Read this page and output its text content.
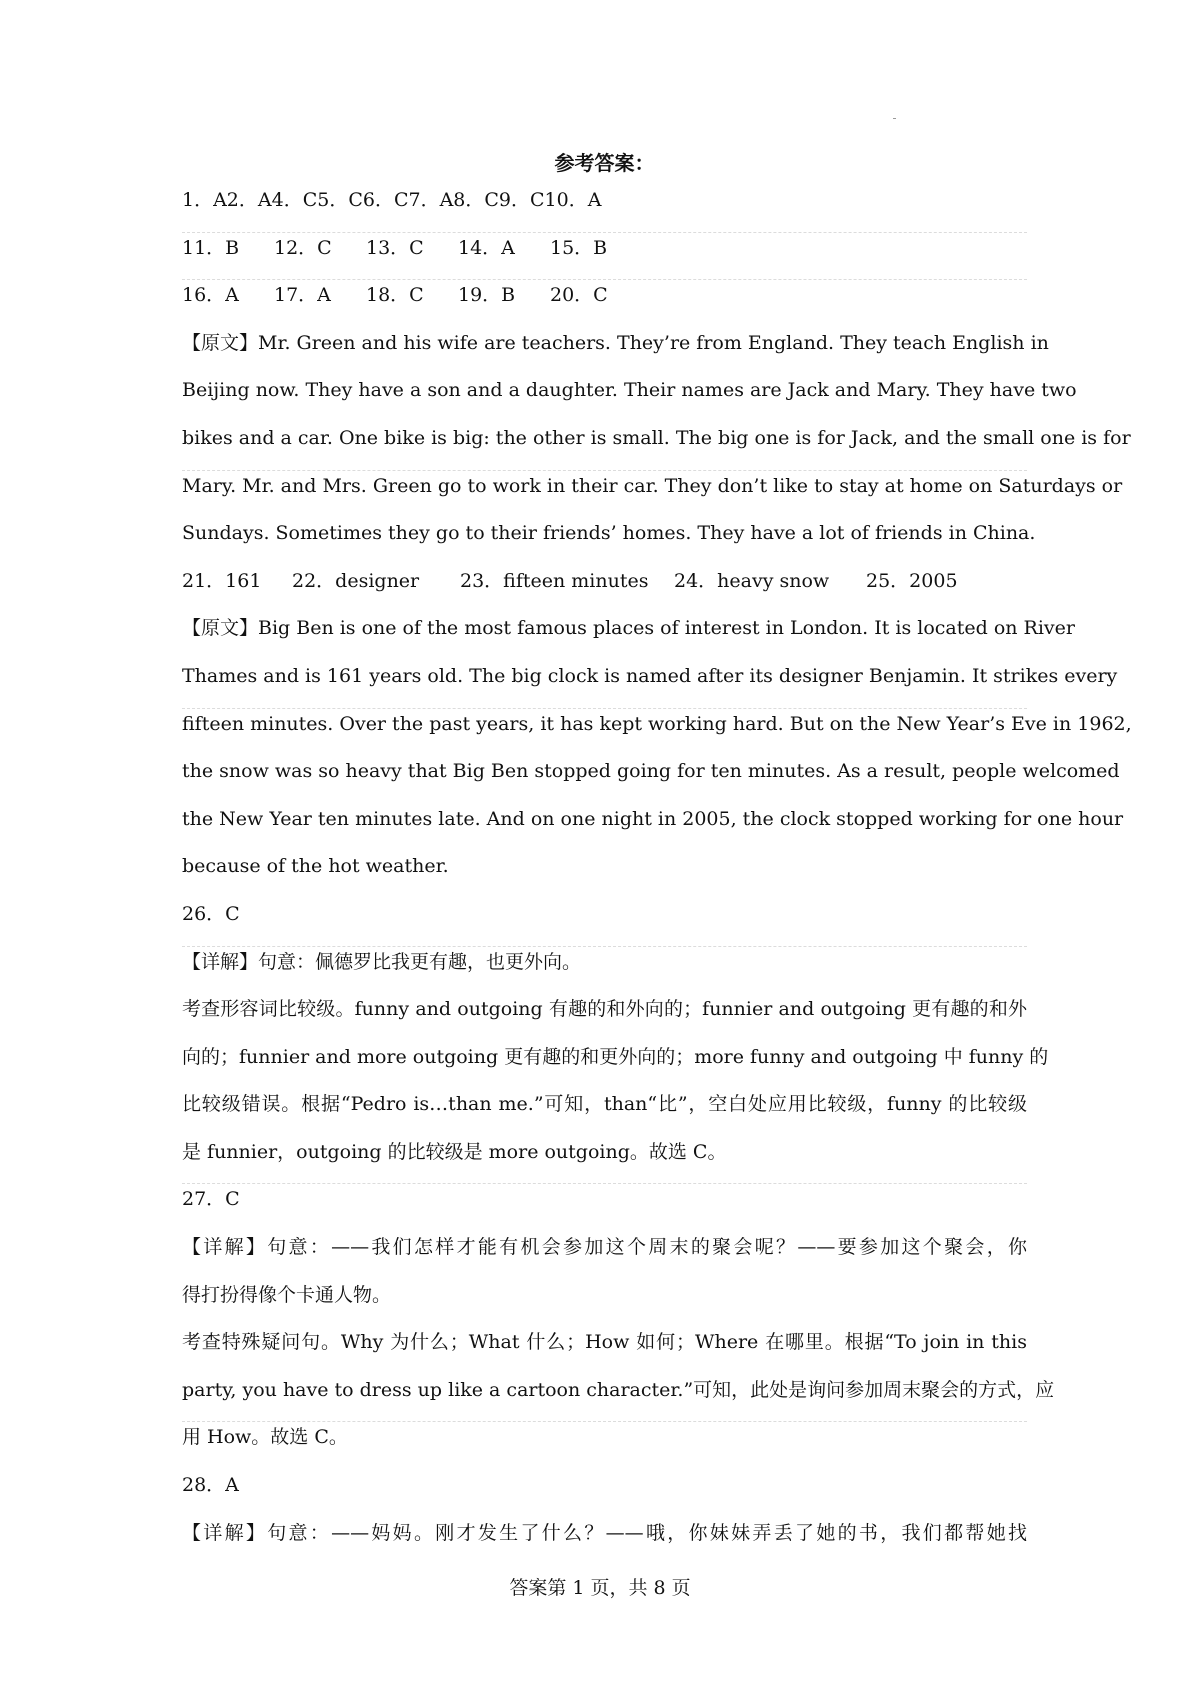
参考答案：
1．A2．A4．C5．C6．C7．A8．C9．C10．A
11．B	12．C	13．C	14．A	15．B
16．A	17．A	18．C	19．B	20．C
【原文】Mr. Green and his wife are teachers. They’re from England. They teach English in
Beijing now. They have a son and a daughter. Their names are Jack and Mary. They have two
bikes and a car. One bike is big: the other is small. The big one is for Jack, and the small one is for
Mary. Mr. and Mrs. Green go to work in their car. They don’t like to stay at home on Saturdays or
Sundays. Sometimes they go to their friends’ homes. They have a lot of friends in China.
21．161	22．designer	23．fifteen minutes	24．heavy snow	25．2005
【原文】Big Ben is one of the most famous places of interest in London. It is located on River
Thames and is 161 years old. The big clock is named after its designer Benjamin. It strikes every
fifteen minutes. Over the past years, it has kept working hard. But on the New Year’s Eve in 1962,
the snow was so heavy that Big Ben stopped going for ten minutes. As a result, people welcomed
the New Year ten minutes late. And on one night in 2005, the clock stopped working for one hour
because of the hot weather.
26．C
【详解】句意：佩德罗比我更有趣，也更外向。
考查形容词比较级。funny and outgoing 有趣的和外向的；funnier and outgoing 更有趣的和外
向的；funnier and more outgoing 更有趣的和更外向的；more funny and outgoing 中 funny 的
比较级错误。根据“Pedro is…than me.”可知，than“比”，空白处应用比较级，funny 的比较级
是 funnier，outgoing 的比较级是 more outgoing。故选 C。
27．C
【详解】句意：——我们怎样才能有机会参加这个周末的聚会呢？——要参加这个聚会，你
得打扮得像个卡通人物。
考查特殊疑问句。Why 为什么；What 什么；How 如何；Where 在哪里。根据“To join in this
party, you have to dress up like a cartoon character.”可知，此处是询问参加周末聚会的方式，应
用 How。故选 C。
28．A
【详解】句意：——妈妈。刚才发生了什么？——哦，你妹妹弄丢了她的书，我们都帮她找
答案第 1 页，共 8 页
